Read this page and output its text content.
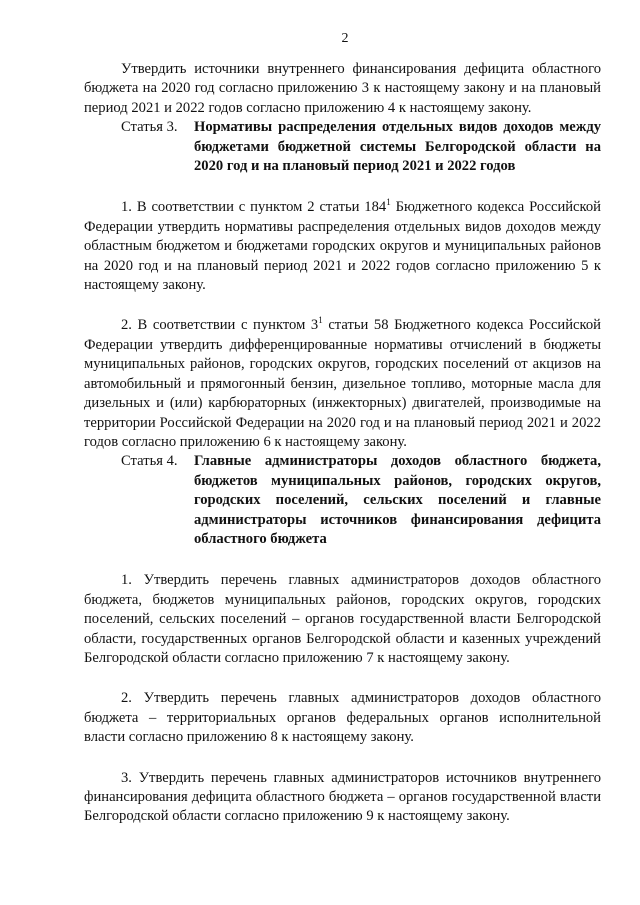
2

Утвердить источники внутреннего финансирования дефицита областного бюджета на 2020 год согласно приложению 3 к настоящему закону и на плановый период 2021 и 2022 годов согласно приложению 4 к настоящему закону.

Статья 3.	Нормативы распределения отдельных видов доходов между бюджетами бюджетной системы Белгородской области на 2020 год и на плановый период 2021 и 2022 годов

1. В соответствии с пунктом 2 статьи $184^1$ Бюджетного кодекса Российской Федерации утвердить нормативы распределения отдельных видов доходов между областным бюджетом и бюджетами городских округов и муниципальных районов на 2020 год и на плановый период 2021 и 2022 годов согласно приложению 5 к настоящему закону.

2. В соответствии с пунктом $3^1$ статьи 58 Бюджетного кодекса Российской Федерации утвердить дифференцированные нормативы отчислений в бюджеты муниципальных районов, городских округов, городских поселений от акцизов на автомобильный и прямогонный бензин, дизельное топливо, моторные масла для дизельных и (или) карбюраторных (инжекторных) двигателей, производимые на территории Российской Федерации на 2020 год и на плановый период 2021 и 2022 годов согласно приложению 6 к настоящему закону.

Статья 4.	Главные администраторы доходов областного бюджета, бюджетов муниципальных районов, городских округов, городских поселений, сельских поселений и главные администраторы источников финансирования дефицита областного бюджета

1. Утвердить перечень главных администраторов доходов областного бюджета, бюджетов муниципальных районов, городских округов, городских поселений, сельских поселений – органов государственной власти Белгородской области, государственных органов Белгородской области и казенных учреждений Белгородской области согласно приложению 7 к настоящему закону.

2. Утвердить перечень главных администраторов доходов областного бюджета – территориальных органов федеральных органов исполнительной власти согласно приложению 8 к настоящему закону.

3. Утвердить перечень главных администраторов источников внутреннего финансирования дефицита областного бюджета – органов государственной власти Белгородской области согласно приложению 9 к настоящему закону.
